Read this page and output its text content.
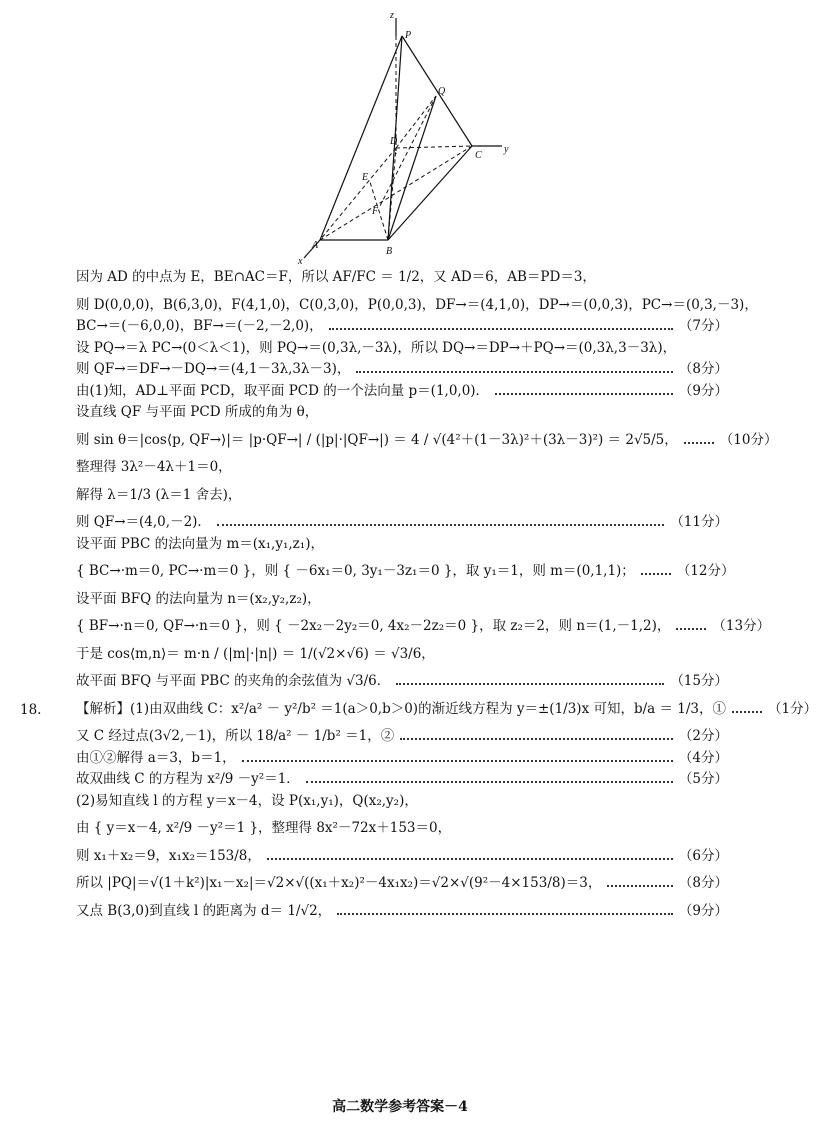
z
P
Q
D
C
y
E
F
A
B
x
因为 AD 的中点为 E，BE∩AC＝F，所以 AF/FC ＝ 1/2，又 AD＝6，AB＝PD＝3，
则 D(0,0,0)，B(6,3,0)，F(4,1,0)，C(0,3,0)，P(0,0,3)，DF→＝(4,1,0)，DP→＝(0,0,3)，PC→＝(0,3,－3)，
BC→＝(－6,0,0)，BF→＝(－2,－2,0)，	（7分）
设 PQ→＝λ PC→(0＜λ＜1)，则 PQ→＝(0,3λ,－3λ)，所以 DQ→＝DP→＋PQ→＝(0,3λ,3－3λ)，
则 QF→＝DF→－DQ→＝(4,1－3λ,3λ－3)，	（8分）
由(1)知，AD⊥平面 PCD，取平面 PCD 的一个法向量 p＝(1,0,0)．	（9分）
设直线 QF 与平面 PCD 所成的角为 θ，
则 sin θ＝|cos⟨p, QF→⟩|＝ |p·QF→| / (|p|·|QF→|) ＝ 4 / √(4²＋(1－3λ)²＋(3λ－3)²) ＝ 2√5/5，	（10分）
整理得 3λ²－4λ＋1＝0，
解得 λ＝1/3 (λ＝1 舍去)，
则 QF→＝(4,0,－2)．	（11分）
设平面 PBC 的法向量为 m＝(x₁,y₁,z₁)，
{ BC→·m＝0, PC→·m＝0 }，则 { －6x₁＝0, 3y₁－3z₁＝0 }，取 y₁＝1，则 m＝(0,1,1)；	（12分）
设平面 BFQ 的法向量为 n＝(x₂,y₂,z₂)，
{ BF→·n＝0, QF→·n＝0 }，则 { －2x₂－2y₂＝0, 4x₂－2z₂＝0 }，取 z₂＝2，则 n＝(1,－1,2)，	（13分）
于是 cos⟨m,n⟩＝ m·n / (|m|·|n|) ＝ 1/(√2×√6) ＝ √3/6，
故平面 BFQ 与平面 PBC 的夹角的余弦值为 √3/6．	（15分）
18.	【解析】(1)由双曲线 C：x²/a² － y²/b² ＝1(a＞0,b＞0)的渐近线方程为 y＝±(1/3)x 可知，b/a ＝ 1/3，①	（1分）
又 C 经过点(3√2,－1)，所以 18/a² － 1/b² ＝1，②	（2分）
由①②解得 a＝3，b＝1，	（4分）
故双曲线 C 的方程为 x²/9 －y²＝1．	（5分）
(2)易知直线 l 的方程 y＝x－4，设 P(x₁,y₁)，Q(x₂,y₂)，
由 { y＝x－4, x²/9 －y²＝1 }，整理得 8x²－72x＋153＝0，
则 x₁＋x₂＝9，x₁x₂＝153/8，	（6分）
所以 |PQ|＝√(1＋k²)|x₁－x₂|＝√2×√((x₁＋x₂)²－4x₁x₂)＝√2×√(9²－4×153/8)＝3，	（8分）
又点 B(3,0)到直线 l 的距离为 d＝ 1/√2，	（9分）
高二数学参考答案－4
